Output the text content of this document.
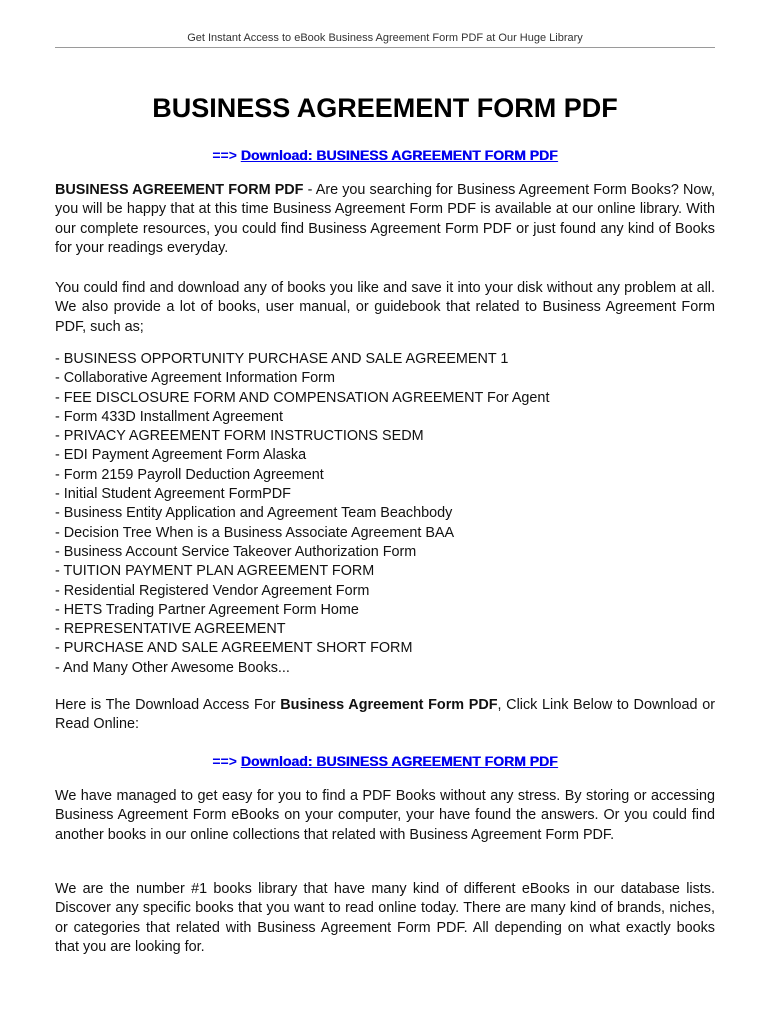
Get Instant Access to eBook Business Agreement Form PDF at Our Huge Library
BUSINESS AGREEMENT FORM PDF
==> Download: BUSINESS AGREEMENT FORM PDF

BUSINESS AGREEMENT FORM PDF - Are you searching for Business Agreement Form Books? Now, you will be happy that at this time Business Agreement Form PDF is available at our online library. With our complete resources, you could find Business Agreement Form PDF or just found any kind of Books for your readings everyday.

You could find and download any of books you like and save it into your disk without any problem at all. We also provide a lot of books, user manual, or guidebook that related to Business Agreement Form PDF, such as;

- BUSINESS OPPORTUNITY PURCHASE AND SALE AGREEMENT 1
- Collaborative Agreement Information Form
- FEE DISCLOSURE FORM AND COMPENSATION AGREEMENT For Agent
- Form 433D Installment Agreement
- PRIVACY AGREEMENT FORM INSTRUCTIONS SEDM
- EDI Payment Agreement Form Alaska
- Form 2159 Payroll Deduction Agreement
- Initial Student Agreement FormPDF
- Business Entity Application and Agreement Team Beachbody
- Decision Tree When is a Business Associate Agreement BAA
- Business Account Service Takeover Authorization Form
- TUITION PAYMENT PLAN AGREEMENT FORM
- Residential Registered Vendor Agreement Form
- HETS Trading Partner Agreement Form Home
- REPRESENTATIVE AGREEMENT
- PURCHASE AND SALE AGREEMENT SHORT FORM
- And Many Other Awesome Books...

Here is The Download Access For Business Agreement Form PDF, Click Link Below to Download or Read Online:

==> Download: BUSINESS AGREEMENT FORM PDF

We have managed to get easy for you to find a PDF Books without any stress. By storing or accessing Business Agreement Form eBooks on your computer, your have found the answers. Or you could find another books in our online collections that related with Business Agreement Form PDF.

We are the number #1 books library that have many kind of different eBooks in our database lists. Discover any specific books that you want to read online today. There are many kind of brands, niches, or categories that related with Business Agreement Form PDF. All depending on what exactly books that you are looking for.
